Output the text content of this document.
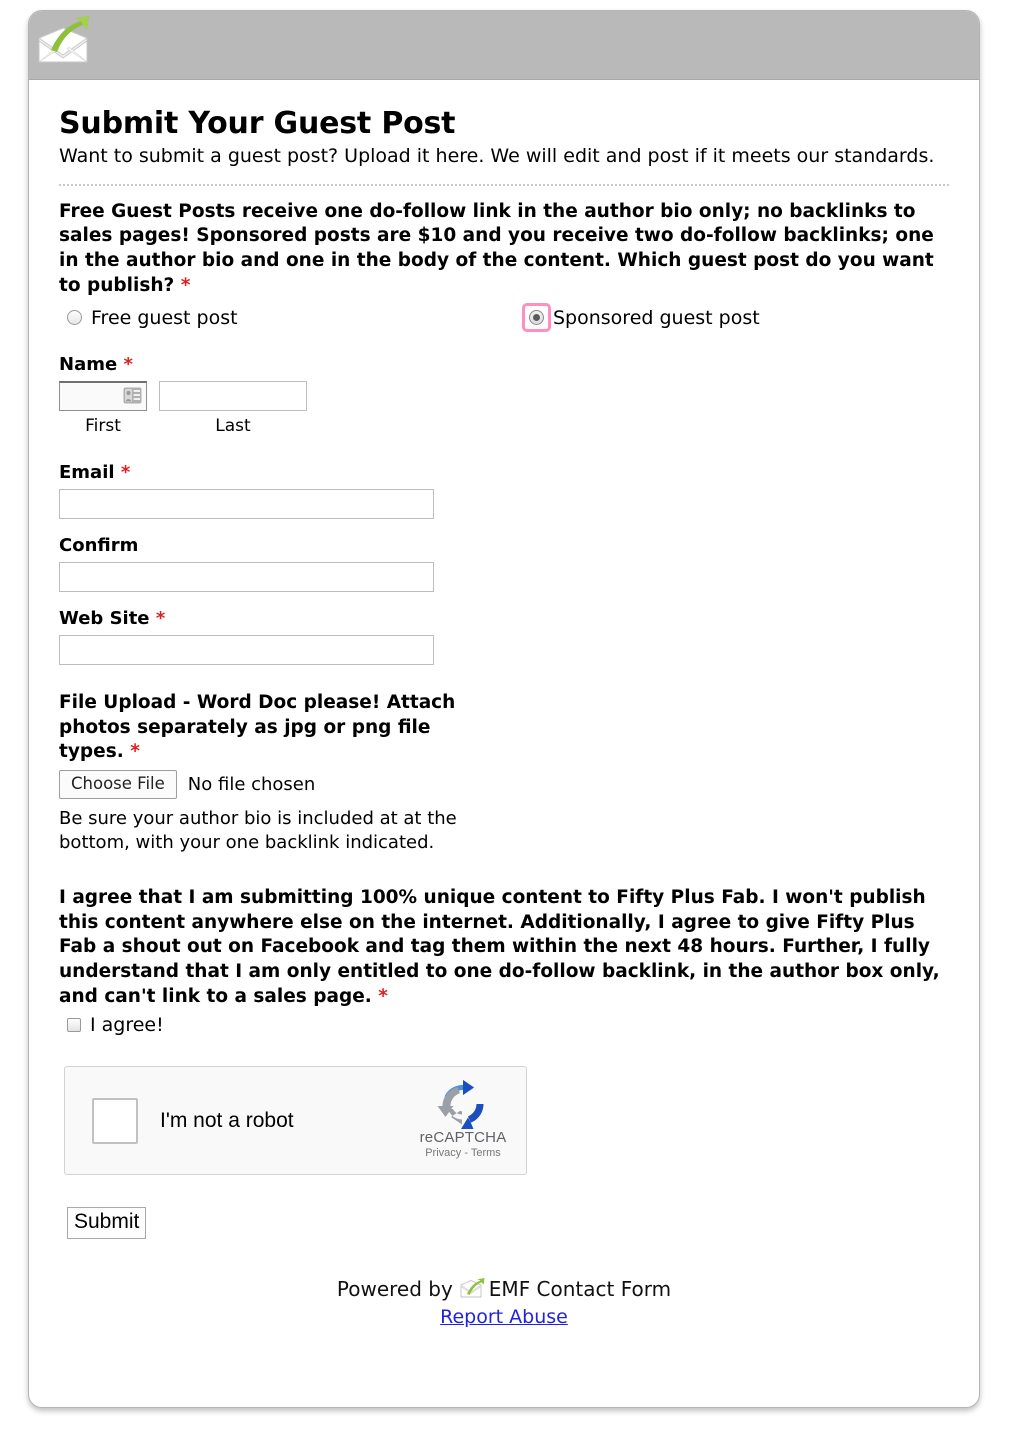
Submit Your Guest Post

Want to submit a guest post? Upload it here. We will edit and post if it meets our standards.

Free Guest Posts receive one do-follow link in the author bio only; no backlinks to sales pages! Sponsored posts are $10 and you receive two do-follow backlinks; one in the author bio and one in the body of the content. Which guest post do you want to publish? *

Free guest post	Sponsored guest post
Name *
First	Last
Email *
Confirm
Web Site *

File Upload - Word Doc please! Attach photos separately as jpg or png file types. *

Choose File	No file chosen

Be sure your author bio is included at at the bottom, with your one backlink indicated.

I agree that I am submitting 100% unique content to Fifty Plus Fab. I won't publish this content anywhere else on the internet. Additionally, I agree to give Fifty Plus Fab a shout out on Facebook and tag them within the next 48 hours. Further, I fully understand that I am only entitled to one do-follow backlink, in the author box only, and can't link to a sales page. *

I agree!
I'm not a robot
reCAPTCHA
Privacy - Terms
Submit
Powered by EMF Contact Form
Report Abuse
